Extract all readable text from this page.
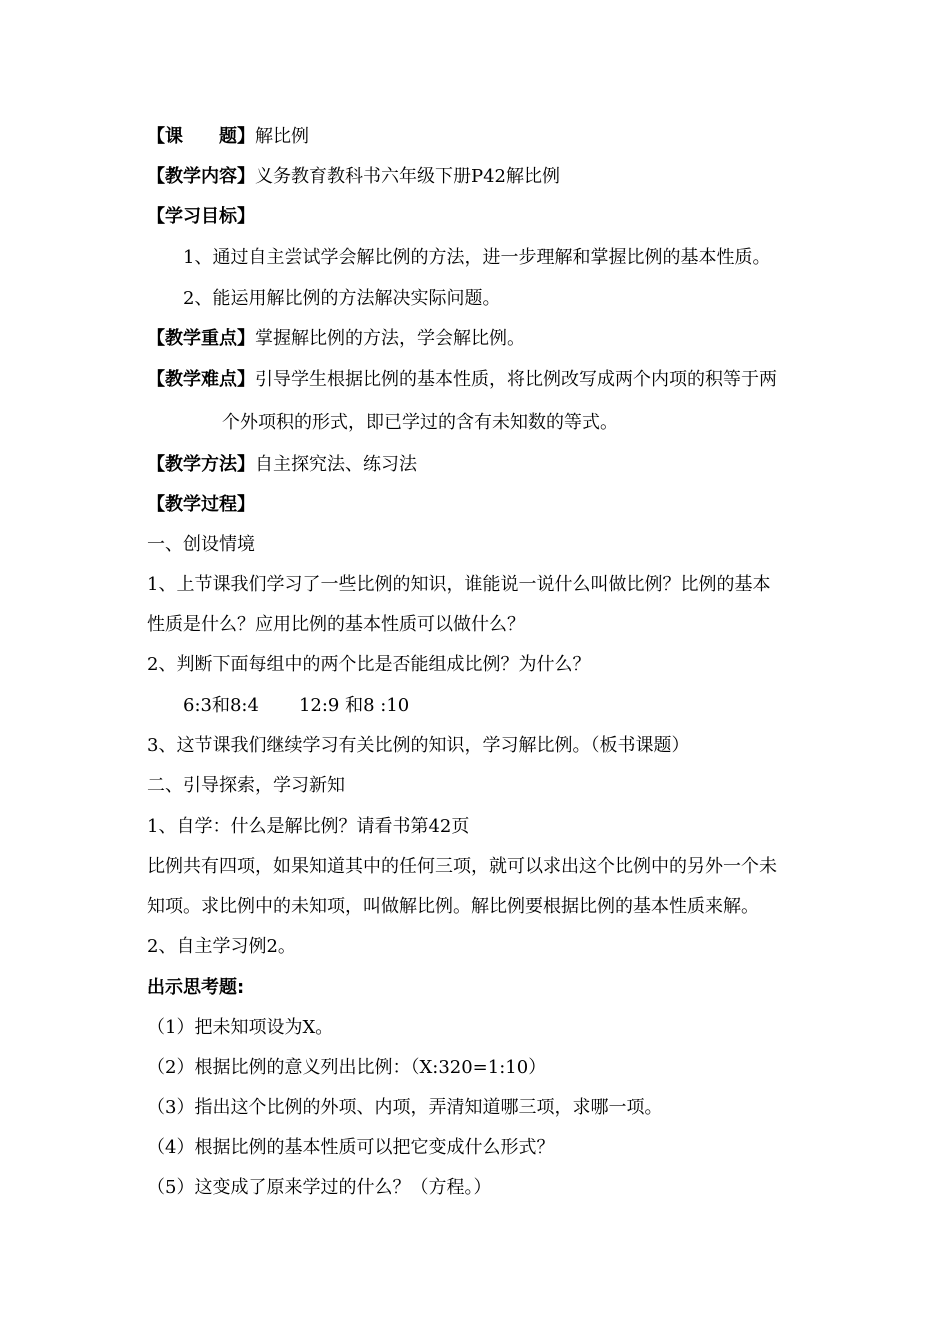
【课　　题】解比例
【教学内容】义务教育教科书六年级下册P42解比例
【学习目标】
1、通过自主尝试学会解比例的方法，进一步理解和掌握比例的基本性质。
2、能运用解比例的方法解决实际问题。
【教学重点】掌握解比例的方法，学会解比例。
【教学难点】引导学生根据比例的基本性质，将比例改写成两个内项的积等于两
个外项积的形式，即已学过的含有未知数的等式。
【教学方法】自主探究法、练习法
【教学过程】
一、创设情境
1、上节课我们学习了一些比例的知识，谁能说一说什么叫做比例？比例的基本
性质是什么？应用比例的基本性质可以做什么？
2、判断下面每组中的两个比是否能组成比例？为什么？
6:3和8:4 12:9 和8 :10
3、这节课我们继续学习有关比例的知识，学习解比例。（板书课题）
二、引导探索，学习新知
1、自学：什么是解比例？请看书第42页
比例共有四项，如果知道其中的任何三项，就可以求出这个比例中的另外一个未
知项。求比例中的未知项，叫做解比例。解比例要根据比例的基本性质来解。
2、自主学习例2。
出示思考题:
（1）把未知项设为X。
（2）根据比例的意义列出比例：（X:320=1:10）
（3）指出这个比例的外项、内项，弄清知道哪三项，求哪一项。
（4）根据比例的基本性质可以把它变成什么形式？
（5）这变成了原来学过的什么？（方程。）
